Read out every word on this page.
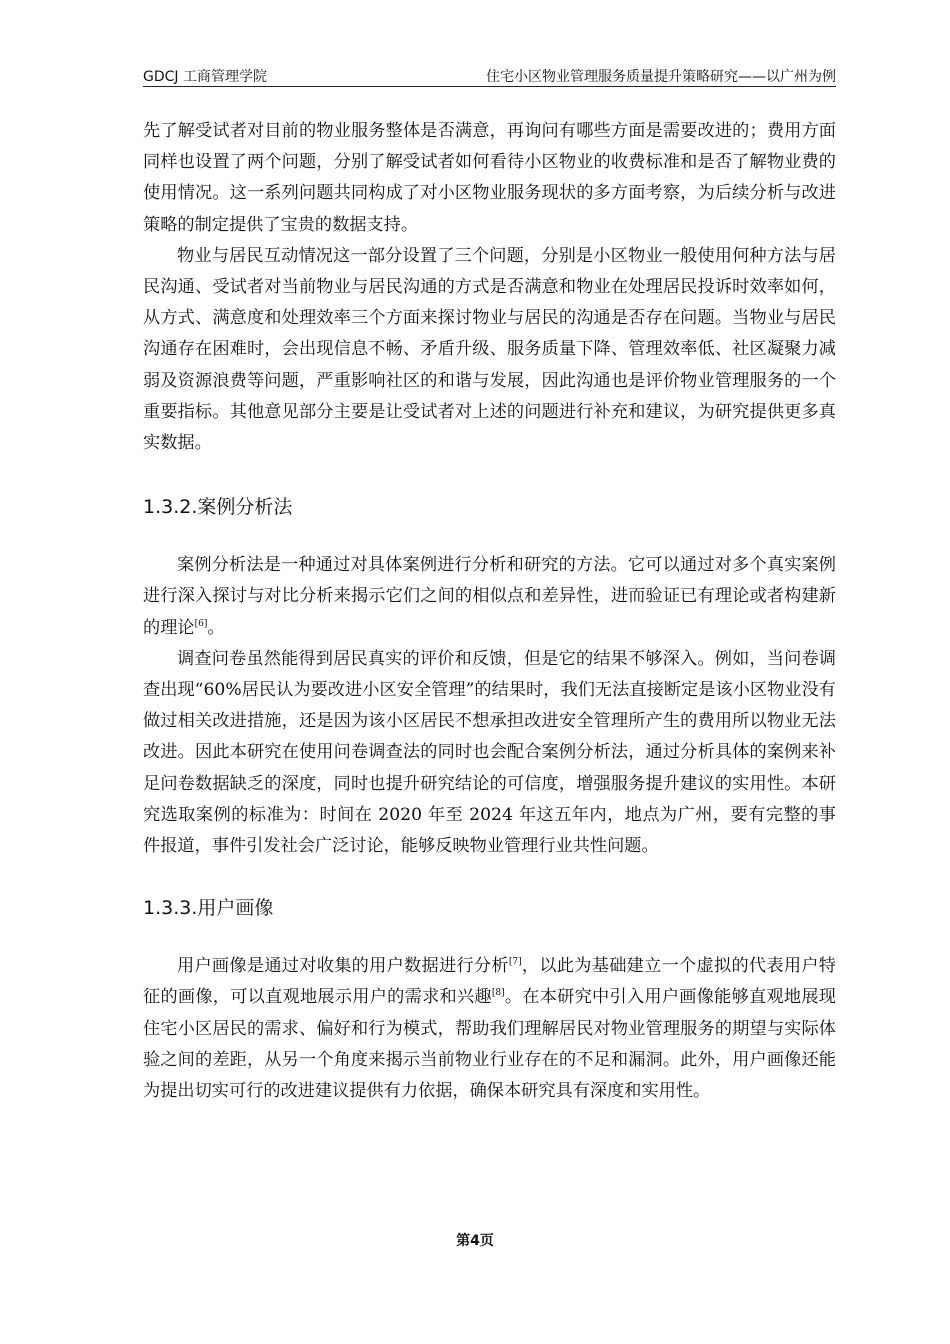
GDCJ 工商管理学院	住宅小区物业管理服务质量提升策略研究——以广州为例

先了解受试者对目前的物业服务整体是否满意，再询问有哪些方面是需要改进的；费用方面同样也设置了两个问题，分别了解受试者如何看待小区物业的收费标准和是否了解物业费的使用情况。这一系列问题共同构成了对小区物业服务现状的多方面考察，为后续分析与改进策略的制定提供了宝贵的数据支持。

物业与居民互动情况这一部分设置了三个问题，分别是小区物业一般使用何种方法与居民沟通、受试者对当前物业与居民沟通的方式是否满意和物业在处理居民投诉时效率如何，从方式、满意度和处理效率三个方面来探讨物业与居民的沟通是否存在问题。当物业与居民沟通存在困难时，会出现信息不畅、矛盾升级、服务质量下降、管理效率低、社区凝聚力减弱及资源浪费等问题，严重影响社区的和谐与发展，因此沟通也是评价物业管理服务的一个重要指标。其他意见部分主要是让受试者对上述的问题进行补充和建议，为研究提供更多真实数据。

1.3.2.案例分析法

案例分析法是一种通过对具体案例进行分析和研究的方法。它可以通过对多个真实案例进行深入探讨与对比分析来揭示它们之间的相似点和差异性，进而验证已有理论或者构建新的理论[6]。

调查问卷虽然能得到居民真实的评价和反馈，但是它的结果不够深入。例如，当问卷调查出现“60%居民认为要改进小区安全管理”的结果时，我们无法直接断定是该小区物业没有做过相关改进措施，还是因为该小区居民不想承担改进安全管理所产生的费用所以物业无法改进。因此本研究在使用问卷调查法的同时也会配合案例分析法，通过分析具体的案例来补足问卷数据缺乏的深度，同时也提升研究结论的可信度，增强服务提升建议的实用性。本研究选取案例的标准为：时间在 2020 年至 2024 年这五年内，地点为广州，要有完整的事件报道，事件引发社会广泛讨论，能够反映物业管理行业共性问题。

1.3.3.用户画像

用户画像是通过对收集的用户数据进行分析[7]，以此为基础建立一个虚拟的代表用户特征的画像，可以直观地展示用户的需求和兴趣[8]。在本研究中引入用户画像能够直观地展现住宅小区居民的需求、偏好和行为模式，帮助我们理解居民对物业管理服务的期望与实际体验之间的差距，从另一个角度来揭示当前物业行业存在的不足和漏洞。此外，用户画像还能为提出切实可行的改进建议提供有力依据，确保本研究具有深度和实用性。

第4页
